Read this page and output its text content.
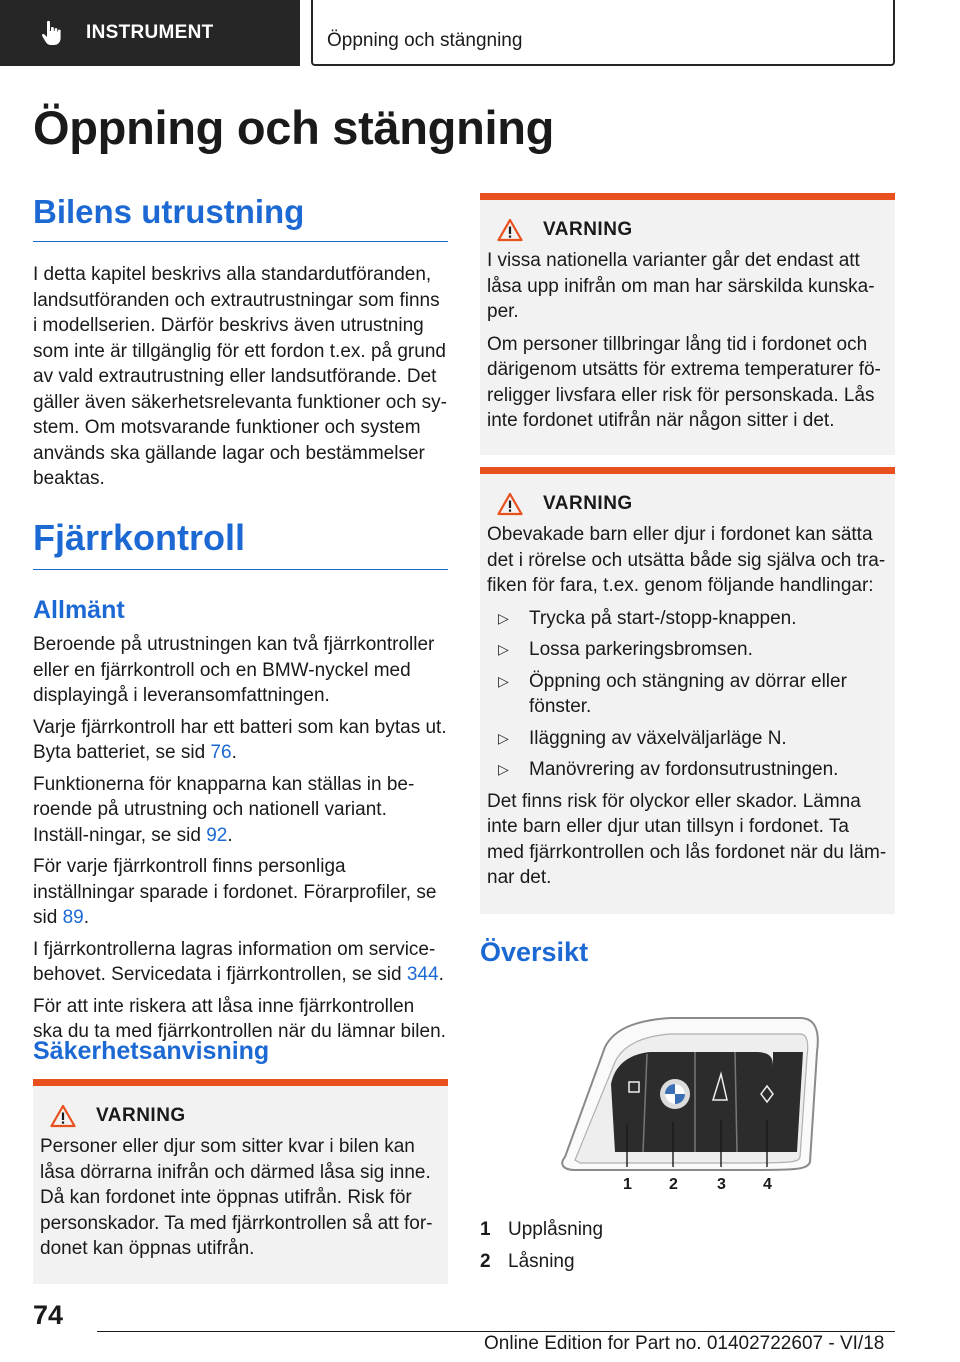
INSTRUMENT	Öppning och stängning
Öppning och stängning
Bilens utrustning

I detta kapitel beskrivs alla standardutföranden, landsutföranden och extrautrustningar som finns i modellserien. Därför beskrivs även utrustning som inte är tillgänglig för ett fordon t.ex. på grund av vald extrautrustning eller landsutförande. Det gäller även säkerhetsrelevanta funktioner och sy-stem. Om motsvarande funktioner och system används ska gällande lagar och bestämmelser beaktas.

Fjärrkontroll
Allmänt

Beroende på utrustningen kan två fjärrkontroller eller en fjärrkontroll och en BMW-nyckel med displayingå i leveransomfattningen.

Varje fjärrkontroll har ett batteri som kan bytas ut. Byta batteriet, se sid 76.

Funktionerna för knapparna kan ställas in be-roende på utrustning och nationell variant. Inställ-ningar, se sid 92.

För varje fjärrkontroll finns personliga inställningar sparade i fordonet. Förarprofiler, se sid 89.

I fjärrkontrollerna lagras information om service-behovet. Servicedata i fjärrkontrollen, se sid 344.

För att inte riskera att låsa inne fjärrkontrollen ska du ta med fjärrkontrollen när du lämnar bilen.

Säkerhetsanvisning
VARNING

Personer eller djur som sitter kvar i bilen kan låsa dörrarna inifrån och därmed låsa sig inne. Då kan fordonet inte öppnas utifrån. Risk för personskador. Ta med fjärrkontrollen så att for-donet kan öppnas utifrån.

VARNING

I vissa nationella varianter går det endast att låsa upp inifrån om man har särskilda kunska-per.

Om personer tillbringar lång tid i fordonet och därigenom utsätts för extrema temperaturer fö-religger livsfara eller risk för personskada. Lås inte fordonet utifrån när någon sitter i det.

VARNING

Obevakade barn eller djur i fordonet kan sätta det i rörelse och utsätta både sig själva och tra-fiken för fara, t.ex. genom följande handlingar:

▷ Trycka på start-/stopp-knappen.
▷ Lossa parkeringsbromsen.
▷ Öppning och stängning av dörrar eller fönster.
▷ Iläggning av växelväljarläge N.
▷ Manövrering av fordonsutrustningen.

Det finns risk för olyckor eller skador. Lämna inte barn eller djur utan tillsyn i fordonet. Ta med fjärrkontrollen och lås fordonet när du läm-nar det.

Översikt
1 2 3 4
1 Upplåsning
2 Låsning
74
Online Edition for Part no. 01402722607 - VI/18
